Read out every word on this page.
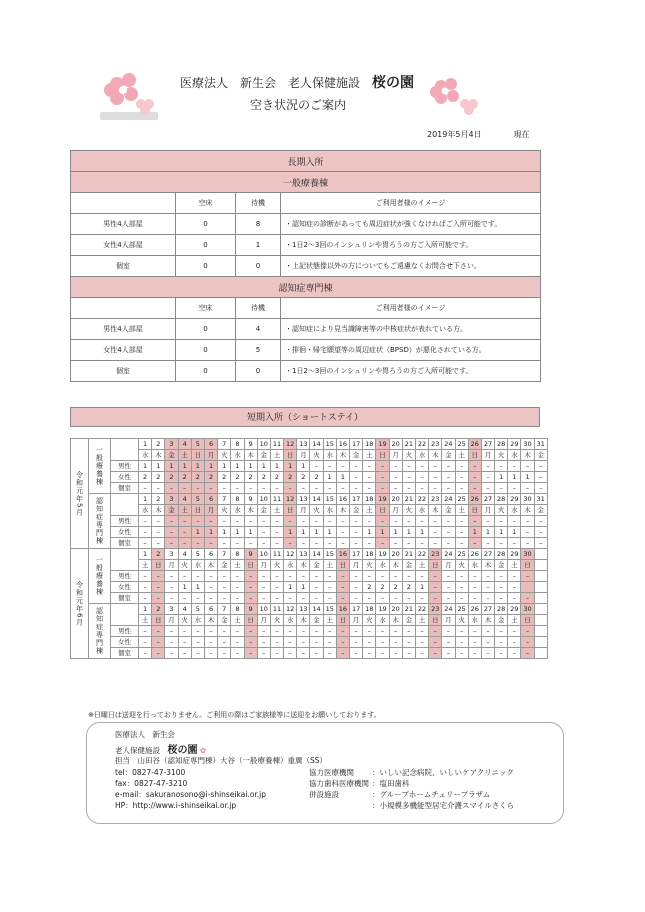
医療法人　新生会　老人保健施設　 桜の園
空き状況のご案内
2019年5月4日　　　　	現在
長期入所			
一般療養棟			
	空床	待機	ご利用者様のイメージ
男性4人部屋	0	8	・認知症の診断があっても周辺症状が強くなければご入所可能です。
女性4人部屋	0	1	・1日2～3回のインシュリンや胃ろうの方ご入所可能です。
個室	0	0	・上記状態像以外の方についてもご遠慮なくお問合せ下さい。
認知症専門棟			
	空床	待機	ご利用者様のイメージ
男性4人部屋	0	4	・認知症により見当識障害等の中核症状が表れている方。
女性4人部屋	0	5	・排徊・帰宅願望等の周辺症状（BPSD）が悪化されている方。
個室	0	0	・1日2～3回のインシュリンや胃ろうの方ご入所可能です。
短期入所（ショートステイ）
令和元年5月	一般療養棟		1	2	3	4	5	6	7	8	9	10	11	12	13	14	15	16	17	18	19	20	21	22	23	24	25	26	27	28	29	30	31
			水	木	金	土	日	月	火	水	木	金	土	日	月	火	水	木	金	土	日	月	火	水	木	金	土	日	月	火	水	木	金
		男性	1	1	1	1	1	1	1	1	1	1	1	1	1	–	–	–	–	–	–	–	–	–	–	–	–	–	–	–	–	–	–
		女性	2	2	2	2	2	2	2	2	2	2	2	2	2	2	1	1	–	–	–	–	–	–	–	–	–	–	–	1	1	1	–
		個室	–	–	–	–	–	–	–	–	–	–	–	–	–	–	–	–	–	–	–	–	–	–	–	–	–	–	–	–	–	–	–
	認知症専門棟		1	2	3	4	5	6	7	8	9	10	11	12	13	14	15	16	17	18	19	20	21	22	23	24	25	26	27	28	29	30	31
			水	木	金	土	日	月	火	水	木	金	土	日	月	火	水	木	金	土	日	月	火	水	木	金	土	日	月	火	水	木	金
		男性	–	–	–	–	–	–	–	–	–	–	–	–	–	–	–	–	–	–	–	–	–	–	–	–	–	–	–	–	–	–	–
		女性	–	–	–	–	1	1	1	1	1	–	–	1	1	1	1	–	–	1	1	1	1	1	–	–	–	1	1	1	1	–	–
		個室	–	–	–	–	–	–	–	–	–	–	–	–	–	–	–	–	–	–	–	–	–	–	–	–	–	–	–	–	–	–	–
令和元年6月	一般療養棟		1	2	3	4	5	6	7	8	9	10	11	12	13	14	15	16	17	18	19	20	21	22	23	24	25	26	27	28	29	30	
			土	日	月	火	水	木	金	土	日	月	火	水	木	金	土	日	月	火	水	木	金	土	日	月	火	水	木	金	土	日	
		男性	–	–	–	–	–	–	–	–	–	–	–	–	–	–	–	–	–	–	–	–	–	–	–	–	–	–	–	–	–	–	
		女性	–	–	–	1	1	–	–	–	–	–	–	1	1	–	–	–	–	2	2	2	2	1	–	–	–	–	–	–	–		
		個室	–	–	–	–	–	–	–	–	–	–	–	–	–	–	–	–	–	–	–	–	–	–	–	–	–	–	–	–	–	–	
	認知症専門棟		1	2	3	4	5	6	7	8	9	10	11	12	13	14	15	16	17	18	19	20	21	22	23	24	25	26	27	28	29	30	
			土	日	月	火	水	木	金	土	日	月	火	水	木	金	土	日	月	火	水	木	金	土	日	月	火	水	木	金	土	日	
		男性	–	–	–	–	–	–	–	–	–	–	–	–	–	–	–	–	–	–	–	–	–	–	–	–	–	–	–	–	–	–	
		女性	–	–	–	–	–	–	–	–	–	–	–	–	–	–	–	–	–	–	–	–	–	–	–	–	–	–	–	–	–	–	
		個室	–	–	–	–	–	–	–	–	–	–	–	–	–	–	–	–	–	–	–	–	–	–	–	–	–	–	–	–	–	–	
※日曜日は送迎を行っておりません。ご利用の際はご家族様等に送迎をお願いしております。
医療法人　新生会
老人保健施設　 桜の園 ✿
担当　山田谷（認知症専門棟）大谷（一般療養棟）重廣（SS）
tel：0827-47-3100
fax：0827-47-3210
e-mail：sakuranosono@i-shinseikai.or.jp
HP：http://www.i-shinseikai.or.jp
協力医療機関 ：いしい記念病院、いしいケアクリニック
協力歯科医療機関 ：塩田歯科
併設施設	：グループホームチェリープラザム
：小規模多機能型居宅介護スマイルさくら
